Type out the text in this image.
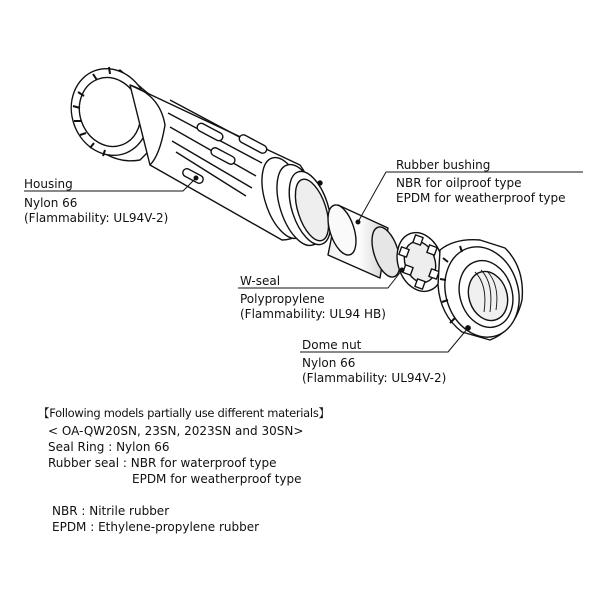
Housing
Nylon 66
(Flammability: UL94V-2)
Rubber bushing
NBR for oilproof type
EPDM for weatherproof type
W-seal
Polypropylene
(Flammability: UL94 HB)
Dome nut
Nylon 66
(Flammability: UL94V-2)
【Following models partially use different materials】
< OA-QW20SN, 23SN, 2023SN and 30SN>
Seal Ring : Nylon 66
Rubber seal : NBR for waterproof type
EPDM for weatherproof type
NBR : Nitrile rubber
EPDM : Ethylene-propylene rubber
